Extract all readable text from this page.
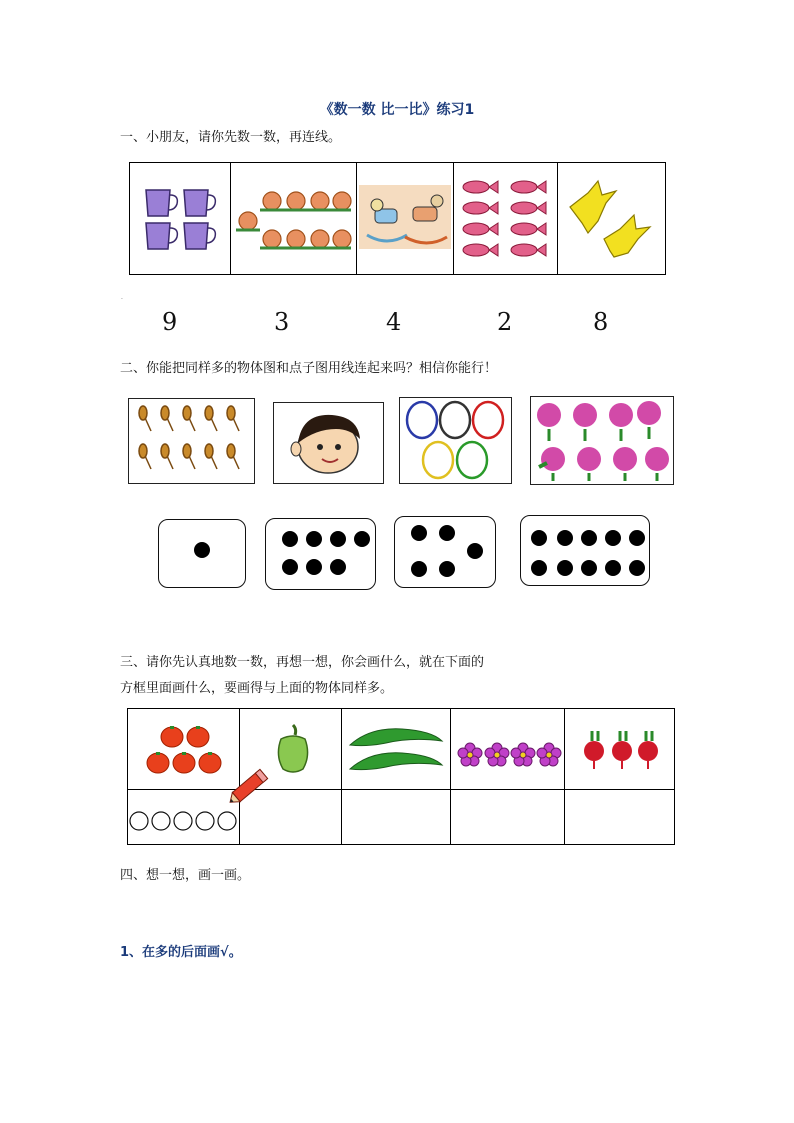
《数一数 比一比》练习1
一、小朋友，请你先数一数，再连线。
.
9	3	4	2	8
二、你能把同样多的物体图和点子图用线连起来吗？相信你能行！
三、请你先认真地数一数，再想一想，你会画什么，就在下面的
方框里面画什么，要画得与上面的物体同样多。
四、想一想，画一画。
1、在多的后面画√。
